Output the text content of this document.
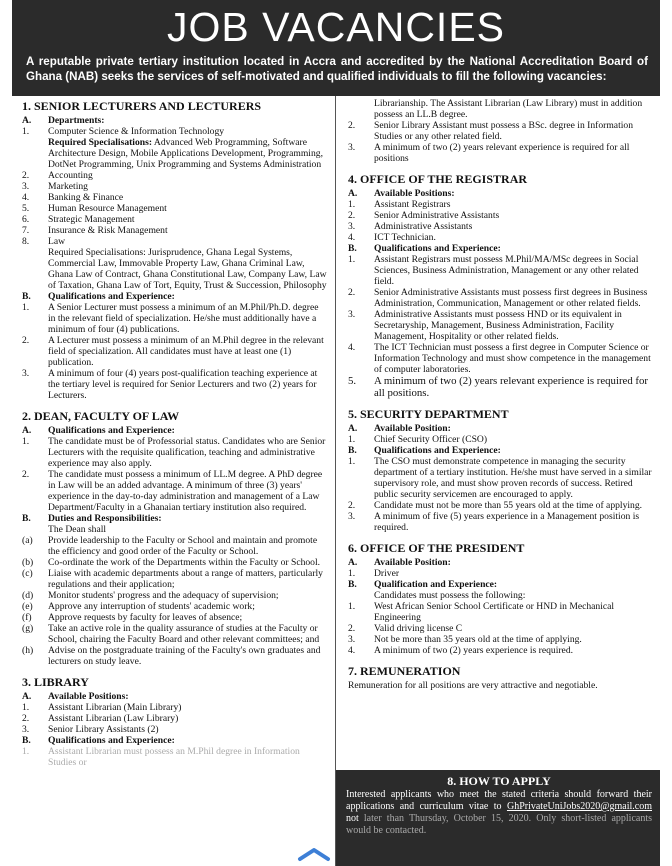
JOB VACANCIES

A reputable private tertiary institution located in Accra and accredited by the National Accreditation Board of Ghana (NAB) seeks the services of self-motivated and qualified individuals to fill the following vacancies:

1. SENIOR LECTURERS AND LECTURERS
A.	Departments:
1.	Computer Science & Information Technology
Required Specialisations: Advanced Web Programming, Software Architecture Design, Mobile Applications Development, Programming, DotNet Programming, Unix Programming and Systems Administration
2.	Accounting
3.	Marketing
4.	Banking & Finance
5.	Human Resource Management
6.	Strategic Management
7.	Insurance & Risk Management
8.	Law
Required Specialisations: Jurisprudence, Ghana Legal Systems, Commercial Law, Immovable Property Law, Ghana Criminal Law, Ghana Law of Contract, Ghana Constitutional Law, Company Law, Law of Taxation, Ghana Law of Tort, Equity, Trust & Succession, Philosophy
B.	Qualifications and Experience:
1.	A Senior Lecturer must possess a minimum of an M.Phil/Ph.D. degree in the relevant field of specialization. He/she must additionally have a minimum of four (4) publications.
2.	A Lecturer must possess a minimum of an M.Phil degree in the relevant field of specialization. All candidates must have at least one (1) publication.
3.	A minimum of four (4) years post-qualification teaching experience at the tertiary level is required for Senior Lecturers and two (2) years for Lecturers.
2. DEAN, FACULTY OF LAW
A.	Qualifications and Experience:
1.	The candidate must be of Professorial status. Candidates who are Senior Lecturers with the requisite qualification, teaching and administrative experience may also apply.
2.	The candidate must possess a minimum of LL.M degree. A PhD degree in Law will be an added advantage. A minimum of three (3) years' experience in the day-to-day administration and management of a Law Department/Faculty in a Ghanaian tertiary institution also required.
B.	Duties and Responsibilities:
The Dean shall
(a)	Provide leadership to the Faculty or School and maintain and promote the efficiency and good order of the Faculty or School.
(b)	Co-ordinate the work of the Departments within the Faculty or School.
(c)	Liaise with academic departments about a range of matters, particularly regulations and their application;
(d)	Monitor students' progress and the adequacy of supervision;
(e)	Approve any interruption of students' academic work;
(f)	Approve requests by faculty for leaves of absence;
(g)	Take an active role in the quality assurance of studies at the Faculty or School, chairing the Faculty Board and other relevant committees; and
(h)	Advise on the postgraduate training of the Faculty's own graduates and lecturers on study leave.
3. LIBRARY
A.	Available Positions:
1.	Assistant Librarian (Main Library)
2.	Assistant Librarian (Law Library)
3.	Senior Library Assistants (2)
B.	Qualifications and Experience:
1.	Assistant Librarian must possess an M.Phil degree in Information Studies or
Librarianship. The Assistant Librarian (Law Library) must in addition possess an LL.B degree.
2.	Senior Library Assistant must possess a BSc. degree in Information Studies or any other related field.
3.	A minimum of two (2) years relevant experience is required for all positions
4. OFFICE OF THE REGISTRAR
A.	Available Positions:
1.	Assistant Registrars
2.	Senior Administrative Assistants
3.	Administrative Assistants
4.	ICT Technician.
B.	Qualifications and Experience:
1.	Assistant Registrars must possess M.Phil/MA/MSc degrees in Social Sciences, Business Administration, Management or any other related field.
2.	Senior Administrative Assistants must possess first degrees in Business Administration, Communication, Management or other related fields.
3.	Administrative Assistants must possess HND or its equivalent in Secretaryship, Management, Business Administration, Facility Management, Hospitality or other related fields.
4.	The ICT Technician must possess a first degree in Computer Science or Information Technology and must show competence in the management of computer laboratories.
5.	A minimum of two (2) years relevant experience is required for all positions.
5. SECURITY DEPARTMENT
A.	Available Position:
1.	Chief Security Officer (CSO)
B.	Qualifications and Experience:
1.	The CSO must demonstrate competence in managing the security department of a tertiary institution. He/she must have served in a similar supervisory role, and must show proven records of success. Retired public security servicemen are encouraged to apply.
2.	Candidate must not be more than 55 years old at the time of applying.
3.	A minimum of five (5) years experience in a Management position is required.
6. OFFICE OF THE PRESIDENT
A.	Available Position:
1.	Driver
B.	Qualification and Experience:
Candidates must possess the following:
1.	West African Senior School Certificate or HND in Mechanical Engineering
2.	Valid driving license C
3.	Not be more than 35 years old at the time of applying.
4.	A minimum of two (2) years experience is required.
7. REMUNERATION
Remuneration for all positions are very attractive and negotiable.
8. HOW TO APPLY
Interested applicants who meet the stated criteria should forward their applications and curriculum vitae to GhPrivateUniJobs2020@gmail.com not later than Thursday, October 15, 2020. Only short-listed applicants would be contacted.
